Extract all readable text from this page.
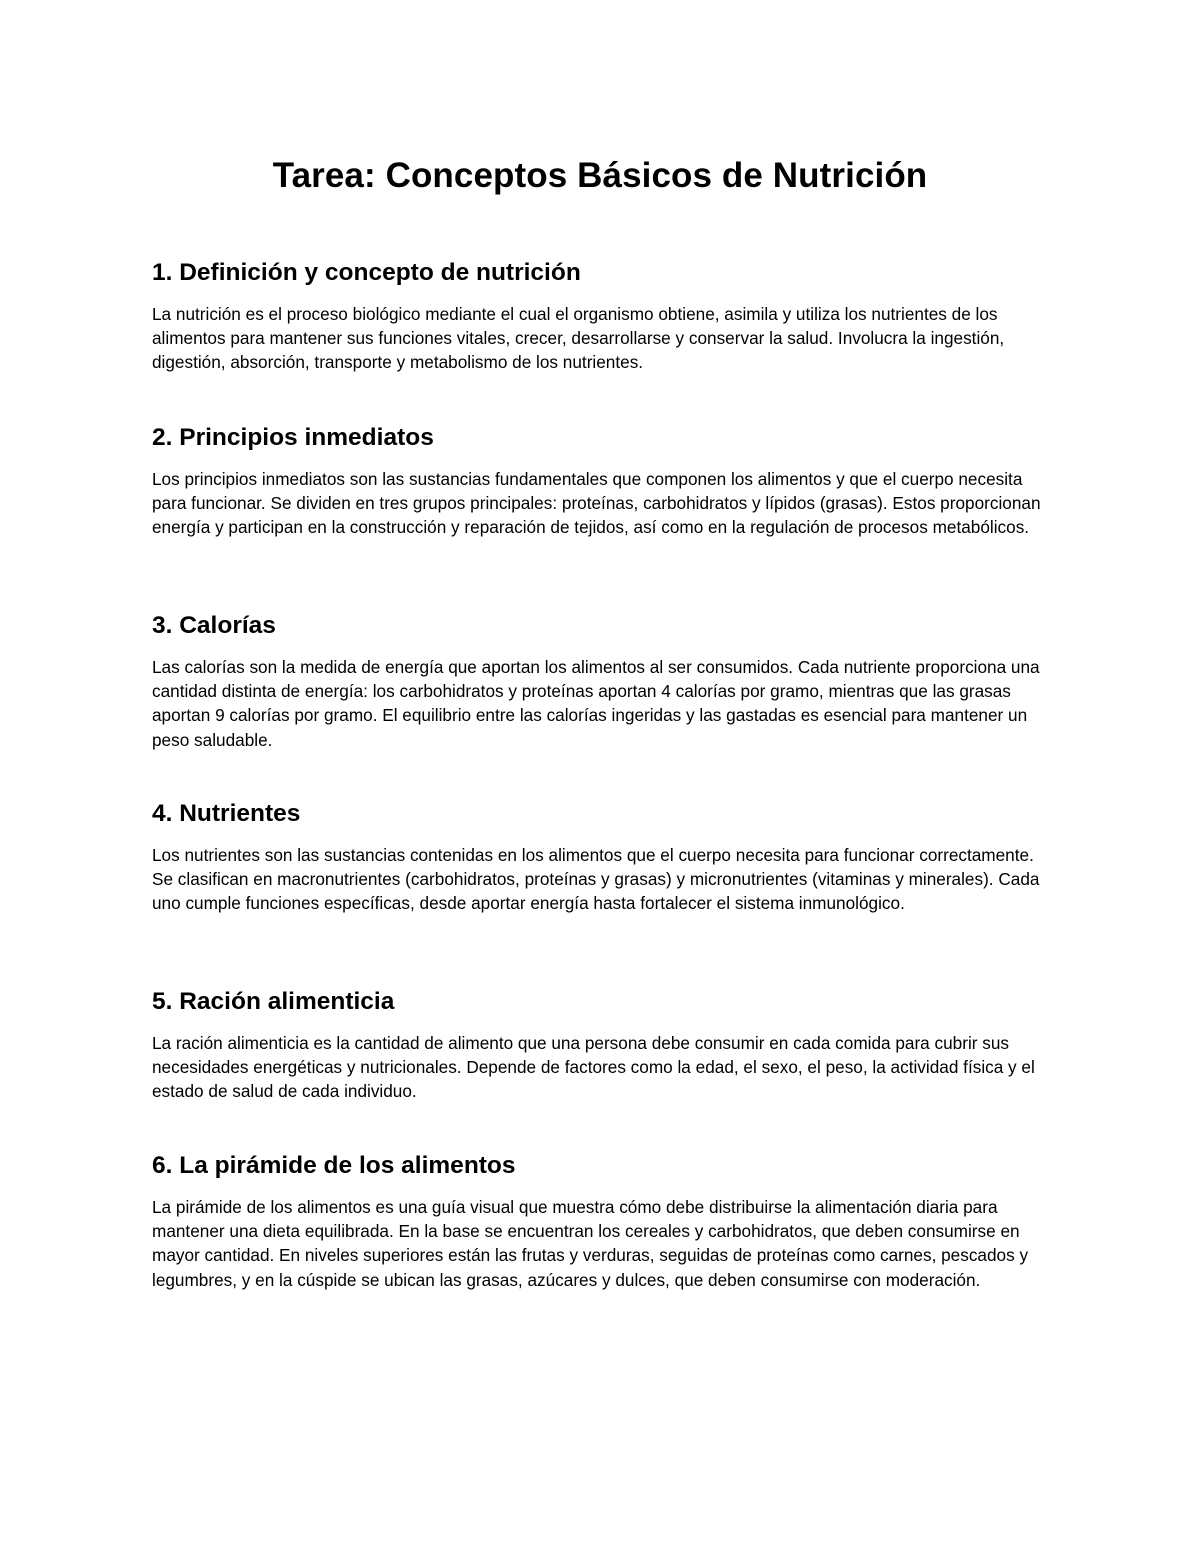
Tarea: Conceptos Básicos de Nutrición
1. Definición y concepto de nutrición

La nutrición es el proceso biológico mediante el cual el organismo obtiene, asimila y utiliza los nutrientes de los alimentos para mantener sus funciones vitales, crecer, desarrollarse y conservar la salud. Involucra la ingestión, digestión, absorción, transporte y metabolismo de los nutrientes.

2. Principios inmediatos

Los principios inmediatos son las sustancias fundamentales que componen los alimentos y que el cuerpo necesita para funcionar. Se dividen en tres grupos principales: proteínas, carbohidratos y lípidos (grasas). Estos proporcionan energía y participan en la construcción y reparación de tejidos, así como en la regulación de procesos metabólicos.

3. Calorías

Las calorías son la medida de energía que aportan los alimentos al ser consumidos. Cada nutriente proporciona una cantidad distinta de energía: los carbohidratos y proteínas aportan 4 calorías por gramo, mientras que las grasas aportan 9 calorías por gramo. El equilibrio entre las calorías ingeridas y las gastadas es esencial para mantener un peso saludable.

4. Nutrientes

Los nutrientes son las sustancias contenidas en los alimentos que el cuerpo necesita para funcionar correctamente. Se clasifican en macronutrientes (carbohidratos, proteínas y grasas) y micronutrientes (vitaminas y minerales). Cada uno cumple funciones específicas, desde aportar energía hasta fortalecer el sistema inmunológico.

5. Ración alimenticia

La ración alimenticia es la cantidad de alimento que una persona debe consumir en cada comida para cubrir sus necesidades energéticas y nutricionales. Depende de factores como la edad, el sexo, el peso, la actividad física y el estado de salud de cada individuo.

6. La pirámide de los alimentos

La pirámide de los alimentos es una guía visual que muestra cómo debe distribuirse la alimentación diaria para mantener una dieta equilibrada. En la base se encuentran los cereales y carbohidratos, que deben consumirse en mayor cantidad. En niveles superiores están las frutas y verduras, seguidas de proteínas como carnes, pescados y legumbres, y en la cúspide se ubican las grasas, azúcares y dulces, que deben consumirse con moderación.
